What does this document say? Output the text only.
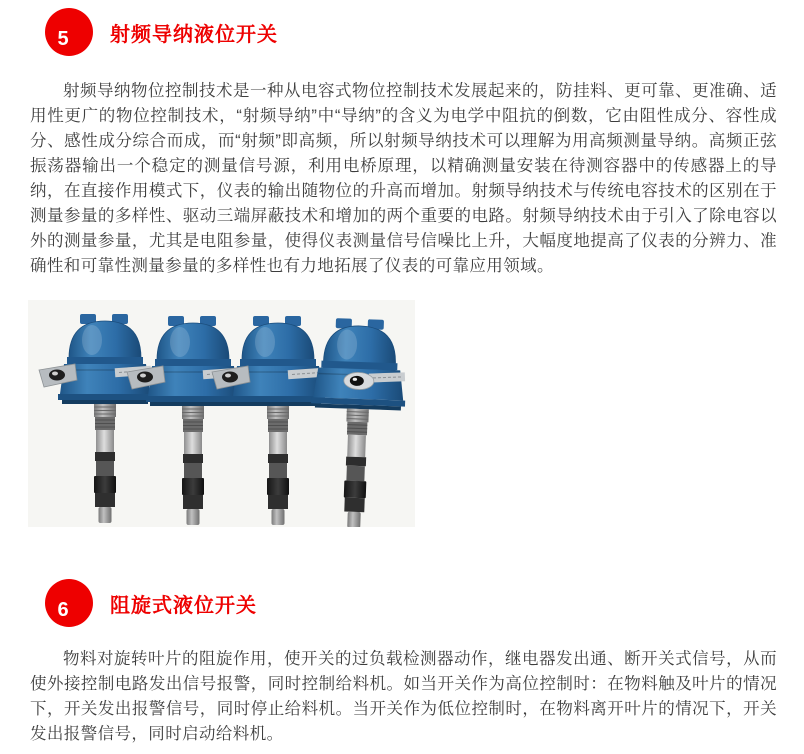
5 射频导纳液位开关

射频导纳物位控制技术是一种从电容式物位控制技术发展起来的，防挂料、更可靠、更准确、适用性更广的物位控制技术，“射频导纳”中“导纳”的含义为电学中阻抗的倒数，它由阻性成分、容性成分、感性成分综合而成，而“射频”即高频，所以射频导纳技术可以理解为用高频测量导纳。高频正弦振荡器输出一个稳定的测量信号源，利用电桥原理，以精确测量安装在待测容器中的传感器上的导纳，在直接作用模式下，仪表的输出随物位的升高而增加。射频导纳技术与传统电容技术的区别在于测量参量的多样性、驱动三端屏蔽技术和增加的两个重要的电路。射频导纳技术由于引入了除电容以外的测量参量，尤其是电阻参量，使得仪表测量信号信噪比上升，大幅度地提高了仪表的分辨力、准确性和可靠性测量参量的多样性也有力地拓展了仪表的可靠应用领域。

6 阻旋式液位开关

物料对旋转叶片的阻旋作用，使开关的过负载检测器动作，继电器发出通、断开关式信号，从而使外接控制电路发出信号报警，同时控制给料机。如当开关作为高位控制时：在物料触及叶片的情况下，开关发出报警信号，同时停止给料机。当开关作为低位控制时，在物料离开叶片的情况下，开关发出报警信号，同时启动给料机。
